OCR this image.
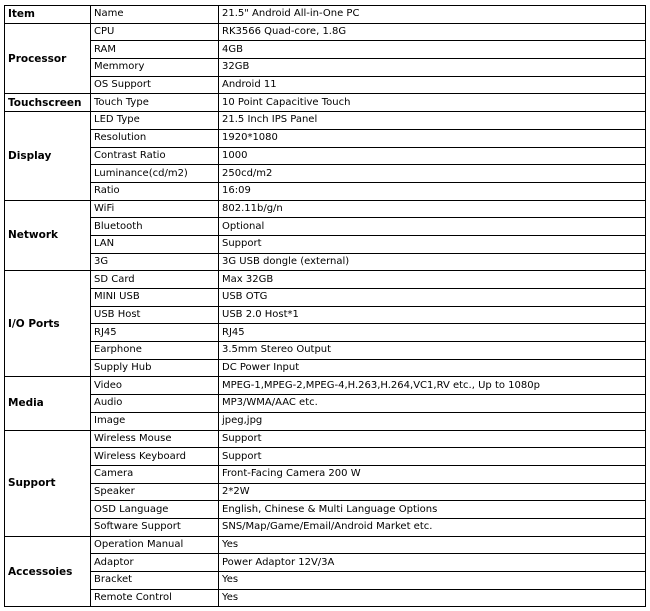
Item	Name	21.5" Android All-in-One PC
Processor	CPU	RK3566 Quad-core, 1.8G
	RAM	4GB
	Memmory	32GB
	OS Support	Android 11
Touchscreen	Touch Type	10 Point Capacitive Touch
Display	LED Type	21.5 Inch IPS Panel
	Resolution	1920*1080
	Contrast Ratio	1000
	Luminance(cd/m2)	250cd/m2
	Ratio	16:09
Network	WiFi	802.11b/g/n
	Bluetooth	Optional
	LAN	Support
	3G	3G USB dongle (external)
I/O Ports	SD Card	Max 32GB
	MINI USB	USB OTG
	USB Host	USB 2.0 Host*1
	RJ45	RJ45
	Earphone	3.5mm Stereo Output
	Supply Hub	DC Power Input
Media	Video	MPEG-1,MPEG-2,MPEG-4,H.263,H.264,VC1,RV etc., Up to 1080p
	Audio	MP3/WMA/AAC etc.
	Image	jpeg,jpg
Support	Wireless Mouse	Support
	Wireless Keyboard	Support
	Camera	Front-Facing Camera 200 W
	Speaker	2*2W
	OSD Language	English, Chinese & Multi Language Options
	Software Support	SNS/Map/Game/Email/Android Market etc.
Accessoies	Operation Manual	Yes
	Adaptor	Power Adaptor 12V/3A
	Bracket	Yes
	Remote Control	Yes
